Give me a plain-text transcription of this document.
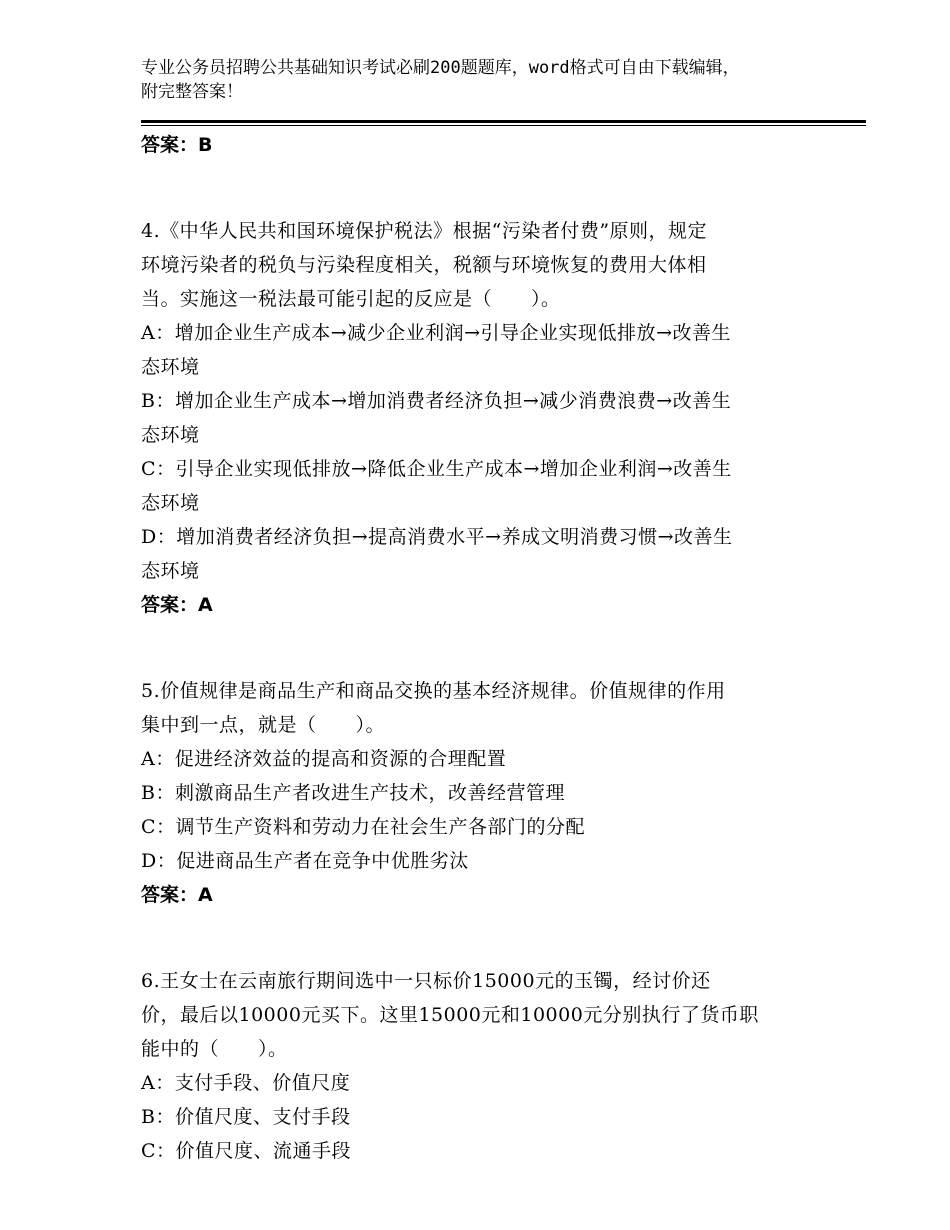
专业公务员招聘公共基础知识考试必刷200题题库，word格式可自由下载编辑，
附完整答案！
答案：B

4.《中华人民共和国环境保护税法》根据“污染者付费”原则，规定

环境污染者的税负与污染程度相关，税额与环境恢复的费用大体相

当。实施这一税法最可能引起的反应是（　　）。

A：增加企业生产成本→减少企业利润→引导企业实现低排放→改善生

态环境

B：增加企业生产成本→增加消费者经济负担→减少消费浪费→改善生

态环境

C：引导企业实现低排放→降低企业生产成本→增加企业利润→改善生

态环境

D：增加消费者经济负担→提高消费水平→养成文明消费习惯→改善生

态环境

答案：A

5.价值规律是商品生产和商品交换的基本经济规律。价值规律的作用

集中到一点，就是（　　）。

A：促进经济效益的提高和资源的合理配置

B：刺激商品生产者改进生产技术，改善经营管理

C：调节生产资料和劳动力在社会生产各部门的分配

D：促进商品生产者在竞争中优胜劣汰

答案：A

6.王女士在云南旅行期间选中一只标价15000元的玉镯，经讨价还

价，最后以10000元买下。这里15000元和10000元分别执行了货币职

能中的（　　）。

A：支付手段、价值尺度

B：价值尺度、支付手段

C：价值尺度、流通手段
